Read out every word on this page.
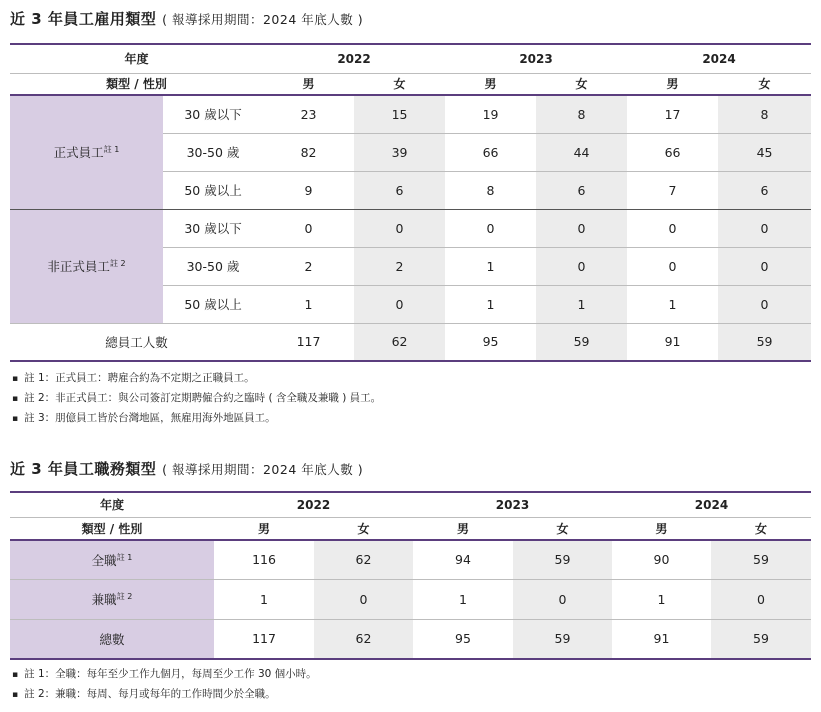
近 3 年員工雇用類型 ( 報導採用期間：2024 年底人數 )
年度		2022		2023		2024	
類型 / 性別		男	女	男	女	男	女
正式員工$^{註 1}$	30 歲以下	23	15	19	8	17	8
	30-50 歲	82	39	66	44	66	45
	50 歲以上	9	6	8	6	7	6
非正式員工$^{註 2}$	30 歲以下	0	0	0	0	0	0
	30-50 歲	2	2	1	0	0	0
	50 歲以上	1	0	1	1	1	0
總員工人數		117	62	95	59	91	59
▪ 註 1：正式員工：聘雇合約為不定期之正職員工。
▪ 註 2：非正式員工：與公司簽訂定期聘僱合約之臨時 ( 含全職及兼職 ) 員工。
▪ 註 3：朋億員工皆於台灣地區，無雇用海外地區員工。
近 3 年員工職務類型 ( 報導採用期間：2024 年底人數 )
年度	2022		2023		2024	
類型 / 性別	男	女	男	女	男	女
全職$^{註 1}$	116	62	94	59	90	59
兼職$^{註 2}$	1	0	1	0	1	0
總數	117	62	95	59	91	59
▪ 註 1：全職：每年至少工作九個月，每周至少工作 30 個小時。
▪ 註 2：兼職：每周、每月或每年的工作時間少於全職。
